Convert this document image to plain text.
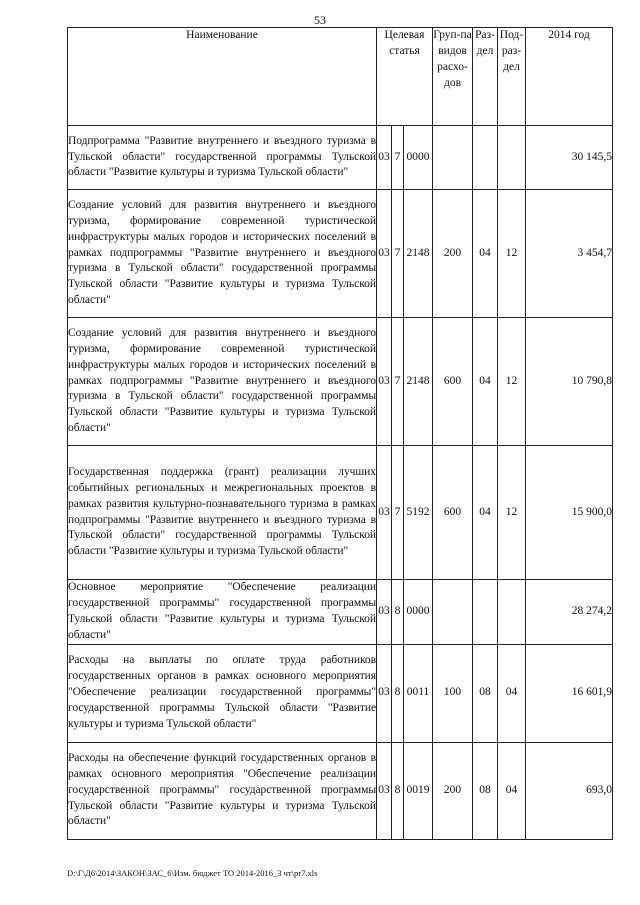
53
Наименование	Целевая статья			Груп-па видов расхо-дов	Раз-дел	Под-раз-дел	2014 год
Подпрограмма "Развитие внутреннего и въездного туризма в Тульской области" государственной программы Тульской области "Развитие культуры и туризма Тульской области"	03	7	0000				30 145,5
Создание условий для развития внутреннего и въездного туризма, формирование современной туристической инфраструктуры малых городов и исторических поселений в рамках подпрограммы "Развитие внутреннего и въездного туризма в Тульской области" государственной программы Тульской области "Развитие культуры и туризма Тульской области"	03	7	2148	200	04	12	3 454,7
Создание условий для развития внутреннего и въездного туризма, формирование современной туристической инфраструктуры малых городов и исторических поселений в рамках подпрограммы "Развитие внутреннего и въездного туризма в Тульской области" государственной программы Тульской области "Развитие культуры и туризма Тульской области"	03	7	2148	600	04	12	10 790,8
Государственная поддержка (грант) реализации лучших событийных региональных и межрегиональных проектов в рамках развития культурно-познавательного туризма в рамках подпрограммы "Развитие внутреннего и въездного туризма в Тульской области" государственной программы Тульской области "Развитие культуры и туризма Тульской области"	03	7	5192	600	04	12	15 900,0
Основное мероприятие "Обеспечение реализации государственной программы" государственной программы Тульской области "Развитие культуры и туризма Тульской области"	03	8	0000				28 274,2
Расходы на выплаты по оплате труда работников государственных органов в рамках основного мероприятия "Обеспечение реализации государственной программы" государственной программы Тульской области "Развитие культуры и туризма Тульской области"	03	8	0011	100	08	04	16 601,9
Расходы на обеспечение функций государственных органов в рамках основного мероприятия "Обеспечение реализации государственной программы" государственной программы Тульской области "Развитие культуры и туризма Тульской области"	03	8	0019	200	08	04	693,0
D:\Г\Д6\2014\ЗАКОН\ЗАС_6\Изм. бюджет ТО 2014-2016_3 чт\pr7.xls
